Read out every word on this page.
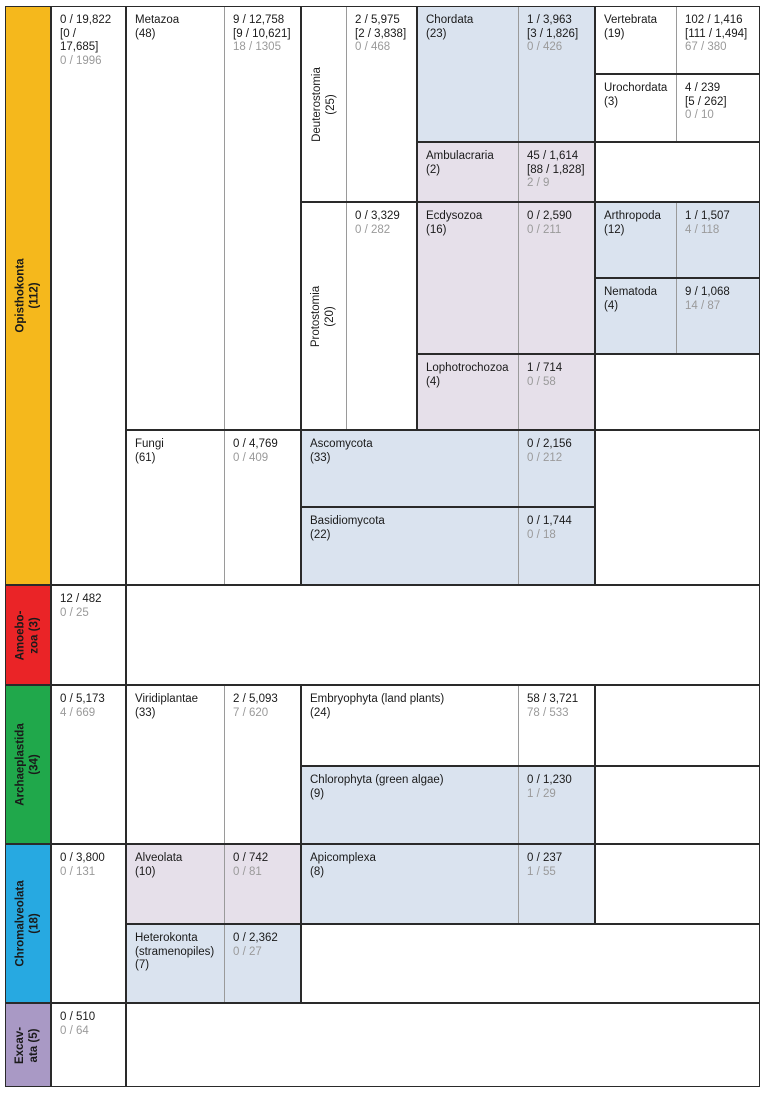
Opisthokonta (112)
Amoebo- zoa (3)
Archaeplastida (34)
Chromalveolata (18)
Excav- ata (5)
0 / 19,822
[0 / 17,685]
0 / 1996
12 / 482
0 / 25
0 / 5,173
4 / 669
0 / 3,800
0 / 131
0 / 510
0 / 64
Metazoa
(48)
9 / 12,758
[9 / 10,621]
18 / 1305
Deuterostomia (25)
2 / 5,975
[2 / 3,838]
0 / 468
Protostomia (20)
0 / 3,329
0 / 282
Chordata
(23)
1 / 3,963
[3 / 1,826]
0 / 426
Vertebrata
(19)
102 / 1,416
[111 / 1,494]
67 / 380
Urochordata
(3)
4 / 239
[5 / 262]
0 / 10
Ambulacraria
(2)
45 / 1,614
[88 / 1,828]
2 / 9
Ecdysozoa
(16)
0 / 2,590
0 / 211
Arthropoda
(12)
1 / 1,507
4 / 118
Nematoda
(4)
9 / 1,068
14 / 87
Lophotrochozoa
(4)
1 / 714
0 / 58
Fungi
(61)
0 / 4,769
0 / 409
Ascomycota
(33)
0 / 2,156
0 / 212
Basidiomycota
(22)
0 / 1,744
0 / 18
Viridiplantae
(33)
2 / 5,093
7 / 620
Embryophyta (land plants)
(24)
58 / 3,721
78 / 533
Chlorophyta (green algae)
(9)
0 / 1,230
1 / 29
Alveolata
(10)
0 / 742
0 / 81
Apicomplexa
(8)
0 / 237
1 / 55
Heterokonta
(stramenopiles)
(7)
0 / 2,362
0 / 27
